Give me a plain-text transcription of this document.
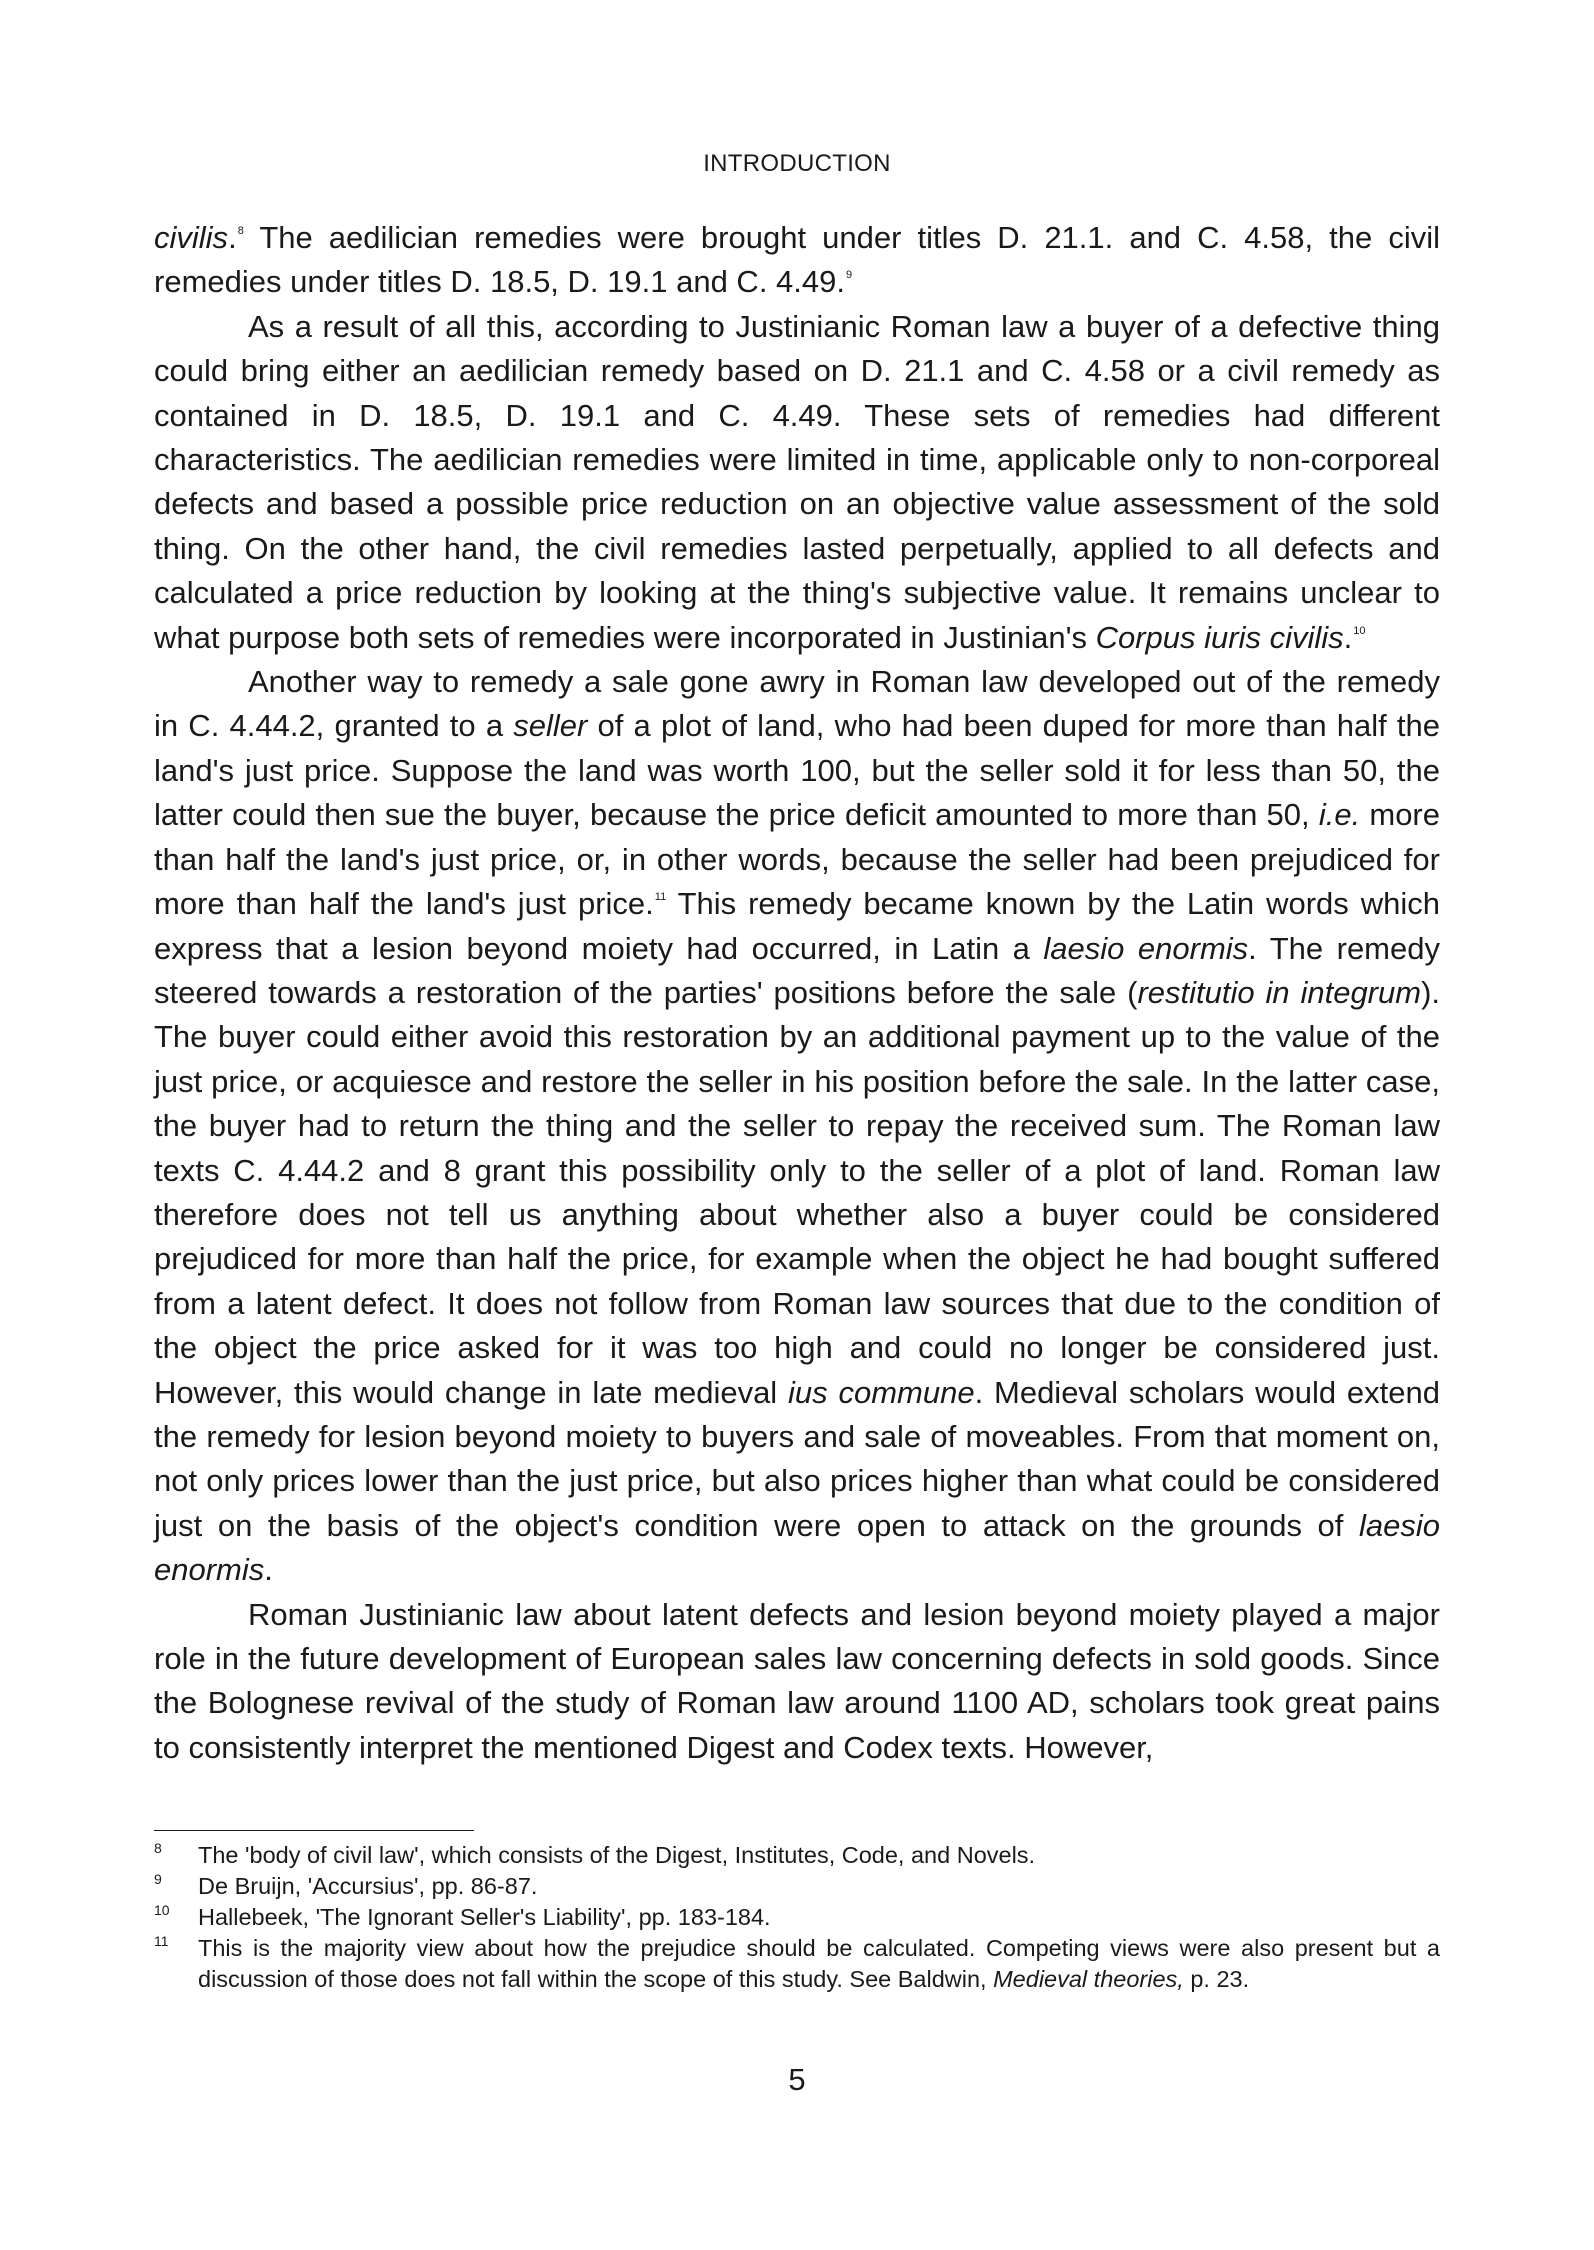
INTRODUCTION

civilis.$^8$ The aedilician remedies were brought under titles D. 21.1. and C. 4.58, the civil remedies under titles D. 18.5, D. 19.1 and C. 4.49.$^9$

As a result of all this, according to Justinianic Roman law a buyer of a defective thing could bring either an aedilician remedy based on D. 21.1 and C. 4.58 or a civil remedy as contained in D. 18.5, D. 19.1 and C. 4.49. These sets of remedies had different characteristics. The aedilician remedies were limited in time, applicable only to non-corporeal defects and based a possible price reduction on an objective value assessment of the sold thing. On the other hand, the civil remedies lasted perpetually, applied to all defects and calculated a price reduction by looking at the thing's subjective value. It remains unclear to what purpose both sets of remedies were incorporated in Justinian's Corpus iuris civilis.$^{10}$

Another way to remedy a sale gone awry in Roman law developed out of the remedy in C. 4.44.2, granted to a seller of a plot of land, who had been duped for more than half the land's just price. Suppose the land was worth 100, but the seller sold it for less than 50, the latter could then sue the buyer, because the price deficit amounted to more than 50, i.e. more than half the land's just price, or, in other words, because the seller had been prejudiced for more than half the land's just price.$^{11}$ This remedy became known by the Latin words which express that a lesion beyond moiety had occurred, in Latin a laesio enormis. The remedy steered towards a restoration of the parties' positions before the sale (restitutio in integrum). The buyer could either avoid this restoration by an additional payment up to the value of the just price, or acquiesce and restore the seller in his position before the sale. In the latter case, the buyer had to return the thing and the seller to repay the received sum. The Roman law texts C. 4.44.2 and 8 grant this possibility only to the seller of a plot of land. Roman law therefore does not tell us anything about whether also a buyer could be considered prejudiced for more than half the price, for example when the object he had bought suffered from a latent defect. It does not follow from Roman law sources that due to the condition of the object the price asked for it was too high and could no longer be considered just. However, this would change in late medieval ius commune. Medieval scholars would extend the remedy for lesion beyond moiety to buyers and sale of moveables. From that moment on, not only prices lower than the just price, but also prices higher than what could be considered just on the basis of the object's condition were open to attack on the grounds of laesio enormis.

Roman Justinianic law about latent defects and lesion beyond moiety played a major role in the future development of European sales law concerning defects in sold goods. Since the Bolognese revival of the study of Roman law around 1100 AD, scholars took great pains to consistently interpret the mentioned Digest and Codex texts. However,

8 The 'body of civil law', which consists of the Digest, Institutes, Code, and Novels.
9 De Bruijn, 'Accursius', pp. 86-87.
10 Hallebeek, 'The Ignorant Seller's Liability', pp. 183-184.
11 This is the majority view about how the prejudice should be calculated. Competing views were also present but a discussion of those does not fall within the scope of this study. See Baldwin, Medieval theories, p. 23.
5
